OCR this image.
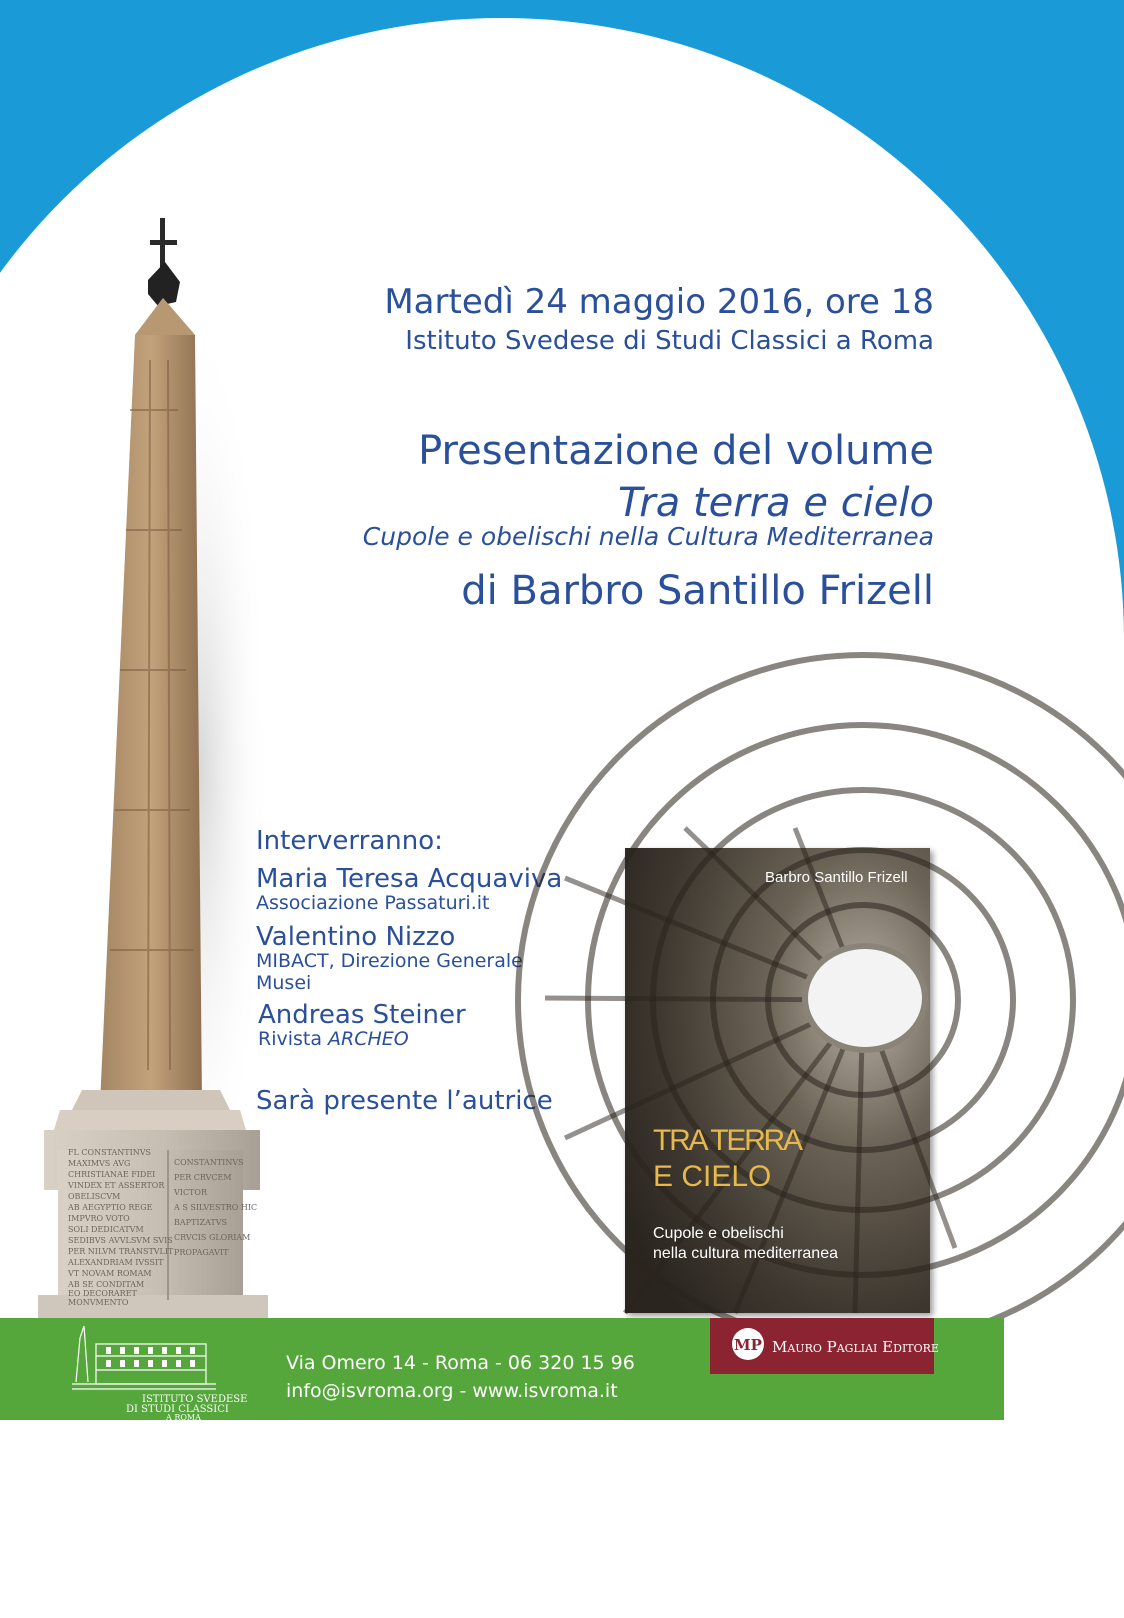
FL CONSTANTINVS
MAXIMVS AVG
CHRISTIANAE FIDEI
VINDEX ET ASSERTOR
OBELISCVM
AB AEGYPTIO REGE
IMPVRO VOTO
SOLI DEDICATVM
SEDIBVS AVVLSVM SVIS
PER NILVM TRANSTVLIT
ALEXANDRIAM IVSSIT
VT NOVAM ROMAM
AB SE CONDITAM
EO DECORARET
MONVMENTO
CONSTANTINVS
PER CRVCEM
VICTOR
A S SILVESTRO HIC
BAPTIZATVS
CRVCIS GLORIAM
PROPAGAVIT
Martedì 24 maggio 2016, ore 18
Istituto Svedese di Studi Classici a Roma
Presentazione del volume
Tra terra e cielo
Cupole e obelischi nella Cultura Mediterranea
di Barbro Santillo Frizell
Interverranno:
Maria Teresa Acquaviva
Associazione Passaturi.it
Valentino Nizzo
MIBACT, Direzione Generale
Musei
Andreas Steiner
Rivista ARCHEO
Sarà presente l’autrice
Barbro Santillo Frizell
TRA TERRA
E CIELO
Cupole e obelischi
nella cultura mediterranea
ISTITUTO SVEDESE
DI STUDI CLASSICI
A ROMA
Via Omero 14 - Roma - 06 320 15 96
info@isvroma.org - www.isvroma.it
MP Mauro Pagliai Editore
